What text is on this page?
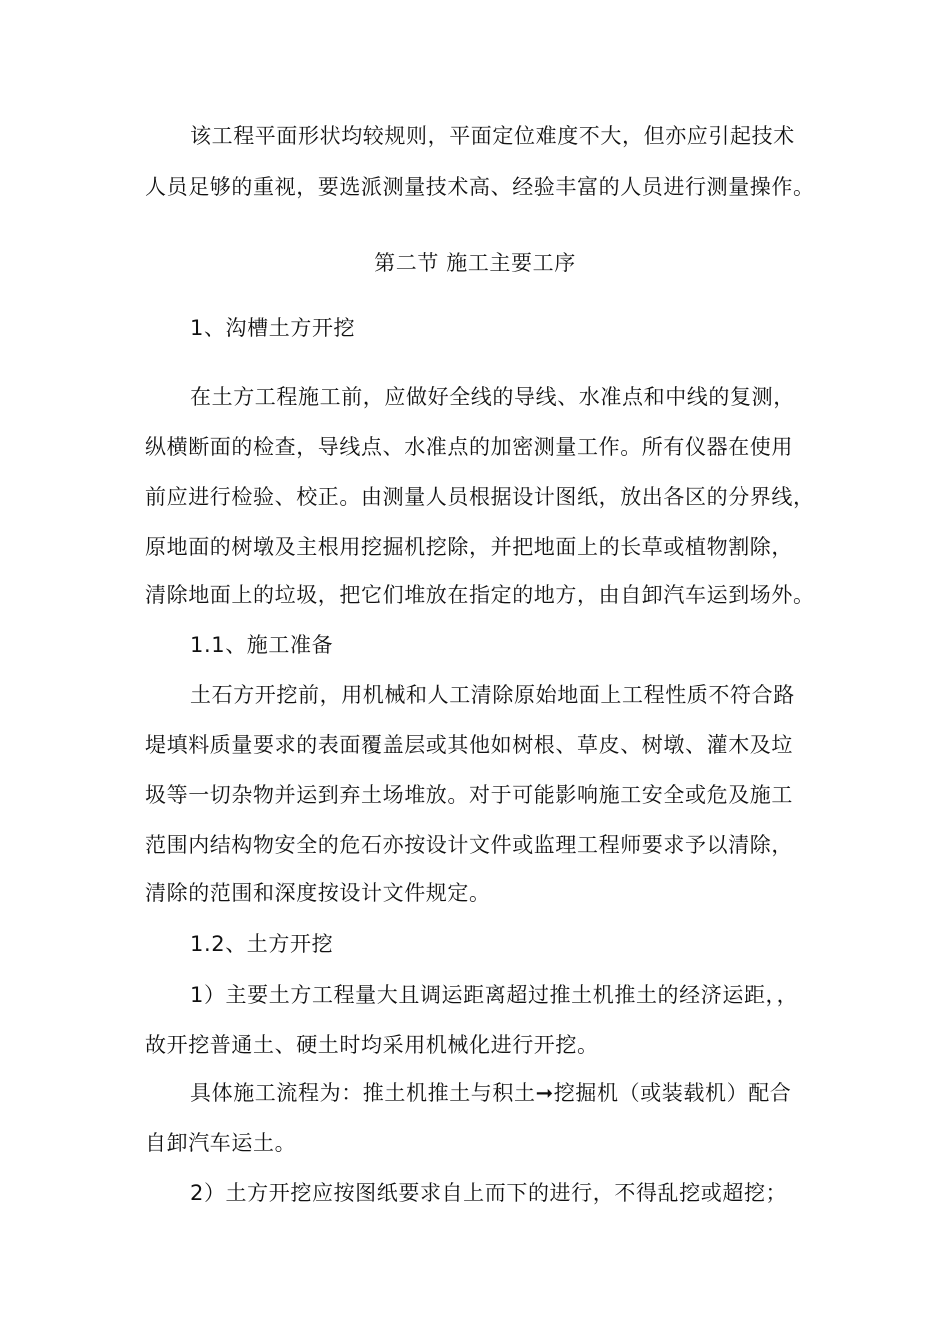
该工程平面形状均较规则，平面定位难度不大，但亦应引起技术
人员足够的重视，要选派测量技术高、经验丰富的人员进行测量操作。
第二节 施工主要工序
1、沟槽土方开挖
在土方工程施工前，应做好全线的导线、水准点和中线的复测，
纵横断面的检查，导线点、水准点的加密测量工作。所有仪器在使用
前应进行检验、校正。由测量人员根据设计图纸，放出各区的分界线，
原地面的树墩及主根用挖掘机挖除，并把地面上的长草或植物割除，
清除地面上的垃圾，把它们堆放在指定的地方，由自卸汽车运到场外。
1.1、施工准备
土石方开挖前，用机械和人工清除原始地面上工程性质不符合路
堤填料质量要求的表面覆盖层或其他如树根、草皮、树墩、灌木及垃
圾等一切杂物并运到弃土场堆放。对于可能影响施工安全或危及施工
范围内结构物安全的危石亦按设计文件或监理工程师要求予以清除，
清除的范围和深度按设计文件规定。
1.2、土方开挖
1）主要土方工程量大且调运距离超过推土机推土的经济运距，，
故开挖普通土、硬土时均采用机械化进行开挖。
具体施工流程为：推土机推土与积土➞挖掘机（或装载机）配合
自卸汽车运土。
2）土方开挖应按图纸要求自上而下的进行，不得乱挖或超挖；
